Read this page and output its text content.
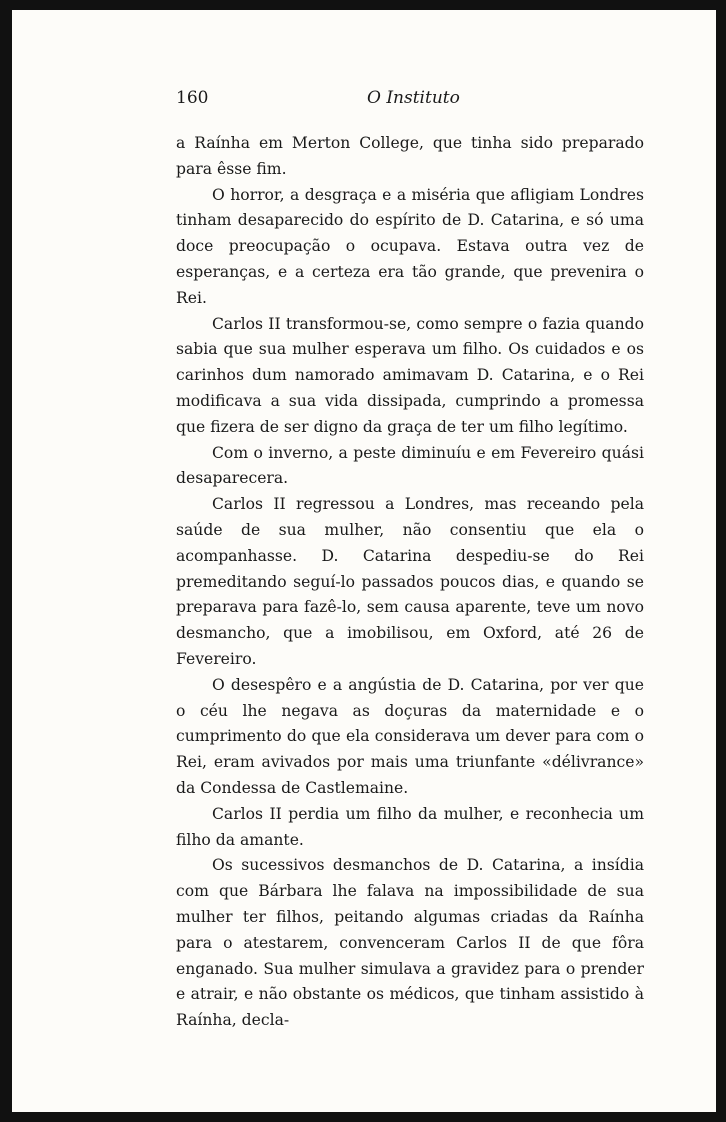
160	O Instituto

a Raínha em Merton College, que tinha sido preparado para êsse fim.

O horror, a desgraça e a miséria que afligiam Londres tinham desaparecido do espírito de D. Catarina, e só uma doce preocupação o ocupava. Estava outra vez de esperanças, e a certeza era tão grande, que prevenira o Rei.

Carlos II transformou-se, como sempre o fazia quando sabia que sua mulher esperava um filho. Os cuidados e os carinhos dum namorado amimavam D. Catarina, e o Rei modificava a sua vida dissipada, cumprindo a promessa que fizera de ser digno da graça de ter um filho legítimo.

Com o inverno, a peste diminuíu e em Fevereiro quási desaparecera.

Carlos II regressou a Londres, mas receando pela saúde de sua mulher, não consentiu que ela o acompanhasse. D. Catarina despediu-se do Rei premeditando seguí-lo passados poucos dias, e quando se preparava para fazê-lo, sem causa aparente, teve um novo desmancho, que a imobilisou, em Oxford, até 26 de Fevereiro.

O desespêro e a angústia de D. Catarina, por ver que o céu lhe negava as doçuras da maternidade e o cumprimento do que ela considerava um dever para com o Rei, eram avivados por mais uma triunfante «délivrance» da Condessa de Castlemaine.

Carlos II perdia um filho da mulher, e reconhecia um filho da amante.

Os sucessivos desmanchos de D. Catarina, a insídia com que Bárbara lhe falava na impossibilidade de sua mulher ter filhos, peitando algumas criadas da Raínha para o atestarem, convenceram Carlos II de que fôra enganado. Sua mulher simulava a gravidez para o prender e atrair, e não obstante os médicos, que tinham assistido à Raínha, decla-
